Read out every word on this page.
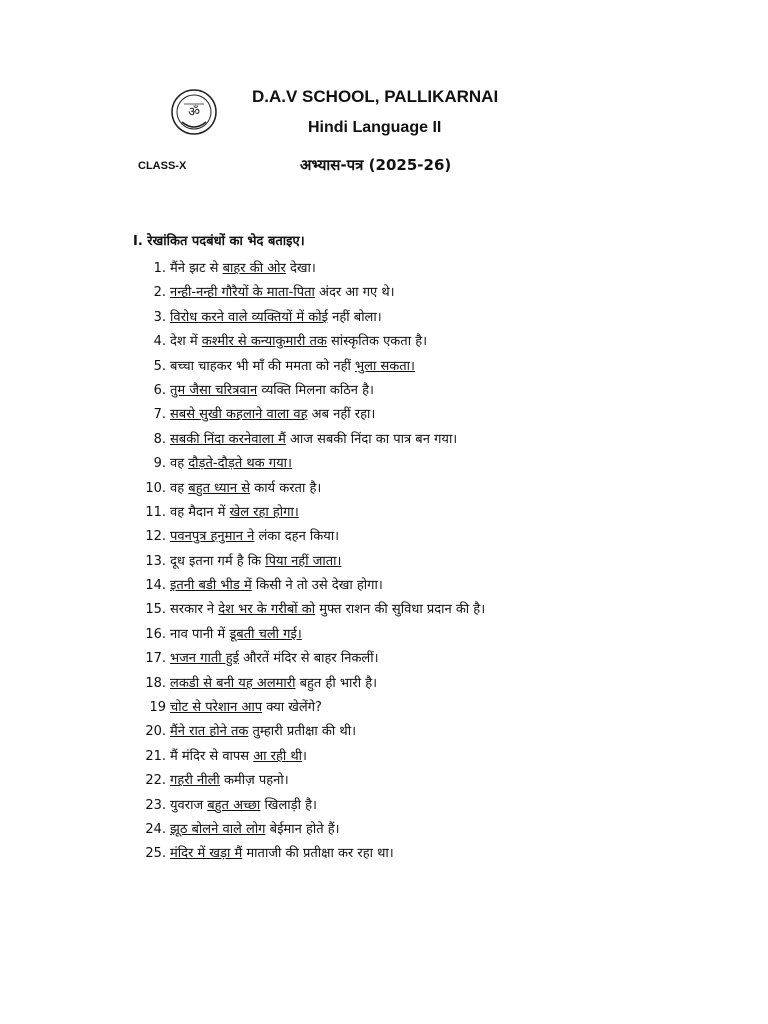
ॐ
D.A.V SCHOOL, PALLIKARNAI
Hindi Language II
CLASS-X	अभ्यास-पत्र (2025-26)
I. रेखांकित पदबंधों का भेद बताइए।
1. मैंने झट से बाहर की ओर देखा।
2. नन्ही-नन्ही गौरैयों के माता-पिता अंदर आ गए थे।
3. विरोध करने वाले व्यक्तियों में कोई नहीं बोला।
4. देश में कश्मीर से कन्याकुमारी तक सांस्कृतिक एकता है।
5. बच्चा चाहकर भी माँ की ममता को नहीं भुला सकता।
6. तुम जैसा चरित्रवान व्यक्ति मिलना कठिन है।
7. सबसे सुखी कहलाने वाला वह अब नहीं रहा।
8. सबकी निंदा करनेवाला मैं आज सबकी निंदा का पात्र बन गया।
9. वह दौड़ते-दौड़ते थक गया।
10. वह बहुत ध्यान से कार्य करता है।
11. वह मैदान में खेल रहा होगा।
12. पवनपुत्र हनुमान ने लंका दहन किया।
13. दूध इतना गर्म है कि पिया नहीं जाता।
14. इतनी बडी भीड में किसी ने तो उसे देखा होगा।
15. सरकार ने देश भर के गरीबों को मुफ्त राशन की सुविधा प्रदान की है।
16. नाव पानी में डूबती चली गई।
17. भजन गाती हुई औरतें मंदिर से बाहर निकलीं।
18. लकडी से बनी यह अलमारी बहुत ही भारी है।
19 चोट से परेशान आप क्या खेलेंगे?
20. मैंने रात होने तक तुम्हारी प्रतीक्षा की थी।
21. मैं मंदिर से वापस आ रही थी।
22. गहरी नीली कमीज़ पहनो।
23. युवराज बहुत अच्छा खिलाड़ी है।
24. झूठ बोलने वाले लोग बेईमान होते हैं।
25. मंदिर में खड़ा मैं माताजी की प्रतीक्षा कर रहा था।
